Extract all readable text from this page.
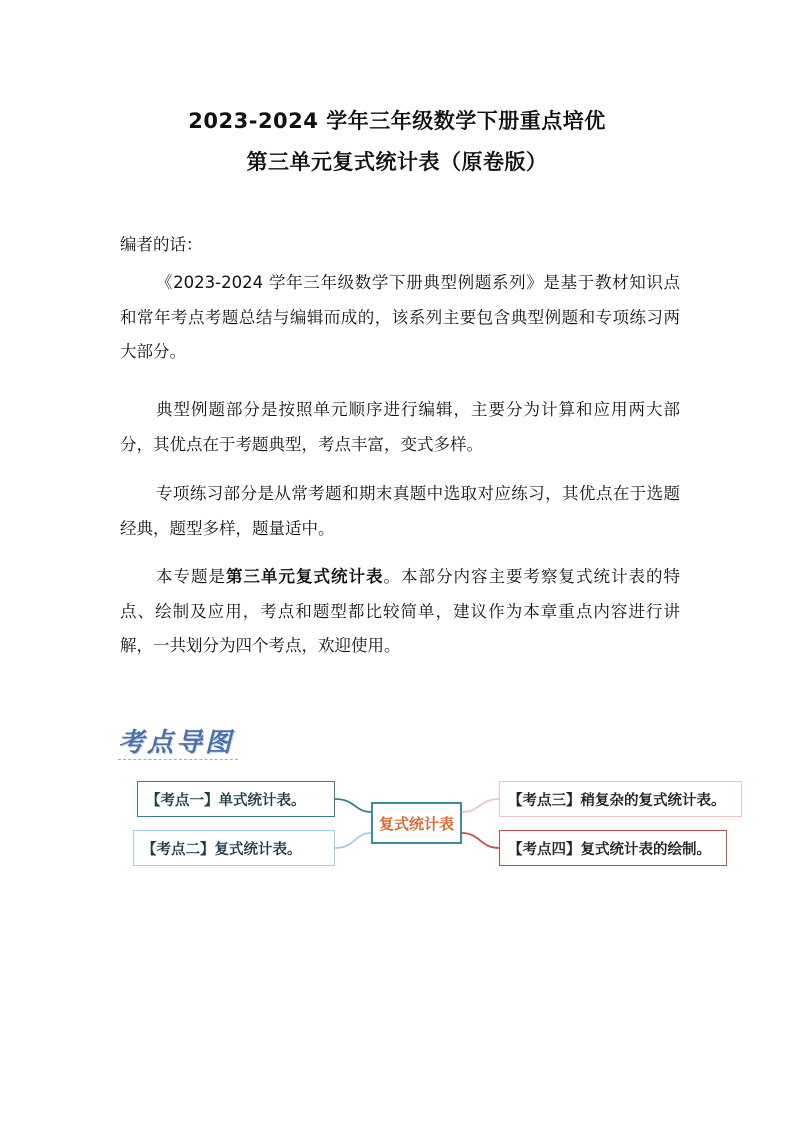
2023-2024 学年三年级数学下册重点培优
第三单元复式统计表（原卷版）

编者的话：

《2023-2024 学年三年级数学下册典型例题系列》是基于教材知识点和常年考点考题总结与编辑而成的，该系列主要包含典型例题和专项练习两大部分。

典型例题部分是按照单元顺序进行编辑，主要分为计算和应用两大部分，其优点在于考题典型，考点丰富，变式多样。

专项练习部分是从常考题和期末真题中选取对应练习，其优点在于选题经典，题型多样，题量适中。

本专题是第三单元复式统计表。本部分内容主要考察复式统计表的特点、绘制及应用，考点和题型都比较简单，建议作为本章重点内容进行讲解，一共划分为四个考点，欢迎使用。

考点导图
【考点一】单式统计表。
【考点二】复式统计表。
【考点三】稍复杂的复式统计表。
【考点四】复式统计表的绘制。
复式统计表
